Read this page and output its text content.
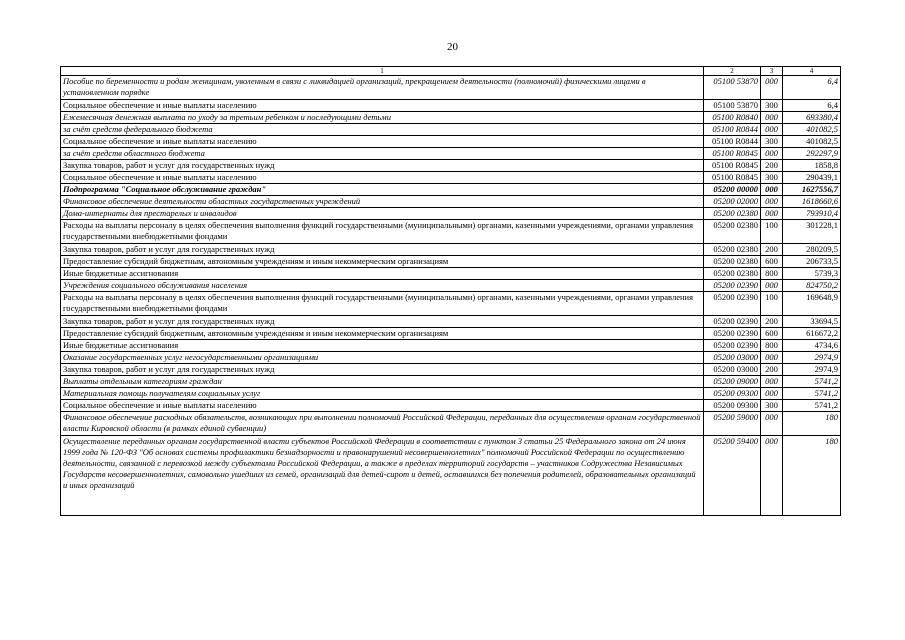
20
1	2	3	4
Пособие по беременности и родам женщинам, уволенным в связи с ликвидацией организаций, прекращением деятельности (полномочий) физическими лицами в установленном порядке	05100 53870	000	6,4
Социальное обеспечение и иные выплаты населению	05100 53870	300	6,4
Ежемесячная денежная выплата по уходу за третьим ребенком и последующими детьми	05100 R0840	000	693380,4
за счёт средств федерального бюджета	05100 R0844	000	401082,5
Социальное обеспечение и иные выплаты населению	05100 R0844	300	401082,5
за счёт средств областного бюджета	05100 R0845	000	292297,9
Закупка товаров, работ и услуг для государственных нужд	05100 R0845	200	1858,8
Социальное обеспечение и иные выплаты населению	05100 R0845	300	290439,1
Подпрограмма "Социальное обслуживание граждан"	05200 00000	000	1627556,7
Финансовое обеспечение деятельности областных государственных учреждений	05200 02000	000	1618660,6
Дома-интернаты для престарелых и инвалидов	05200 02380	000	793910,4
Расходы на выплаты персоналу в целях обеспечения выполнения функций государственными (муниципальными) органами, казенными учреждениями, органами управления государственными внебюджетными фондами	05200 02380	100	301228,1
Закупка товаров, работ и услуг для государственных нужд	05200 02380	200	280209,5
Предоставление субсидий бюджетным, автономным учреждениям и иным некоммерческим организациям	05200 02380	600	206733,5
Иные бюджетные ассигнования	05200 02380	800	5739,3
Учреждения социального обслуживания населения	05200 02390	000	824750,2
Расходы на выплаты персоналу в целях обеспечения выполнения функций государственными (муниципальными) органами, казенными учреждениями, органами управления государственными внебюджетными фондами	05200 02390	100	169648,9
Закупка товаров, работ и услуг для государственных нужд	05200 02390	200	33694,5
Предоставление субсидий бюджетным, автономным учреждениям и иным некоммерческим организациям	05200 02390	600	616672,2
Иные бюджетные ассигнования	05200 02390	800	4734,6
Оказание государственных услуг негосударственными организациями	05200 03000	000	2974,9
Закупка товаров, работ и услуг для государственных нужд	05200 03000	200	2974,9
Выплаты отдельным категориям граждан	05200 09000	000	5741,2
Материальная помощь получателям социальных услуг	05200 09300	000	5741,2
Социальное обеспечение и иные выплаты населению	05200 09300	300	5741,2
Финансовое обеспечение расходных обязательств, возникающих при выполнении полномочий Российской Федерации, переданных для осуществления органам государственной власти Кировской области (в рамках единой субвенции)	05200 59000	000	180
Осуществление переданных органам государственной власти субъектов Российской Федерации в соответствии с пунктом 3 статьи 25 Федерального закона от 24 июня 1999 года № 120-ФЗ "Об основах системы профилактики безнадзорности и правонарушений несовершеннолетних" полномочий Российской Федерации по осуществлению деятельности, связанной с перевозкой между субъектами Российской Федерации, а также в пределах территорий государств – участников Содружества Независимых Государств несовершеннолетних, самовольно ушедших из семей, организаций для детей-сирот и детей, оставшихся без попечения родителей, образовательных организаций и иных организаций	05200 59400	000	180
